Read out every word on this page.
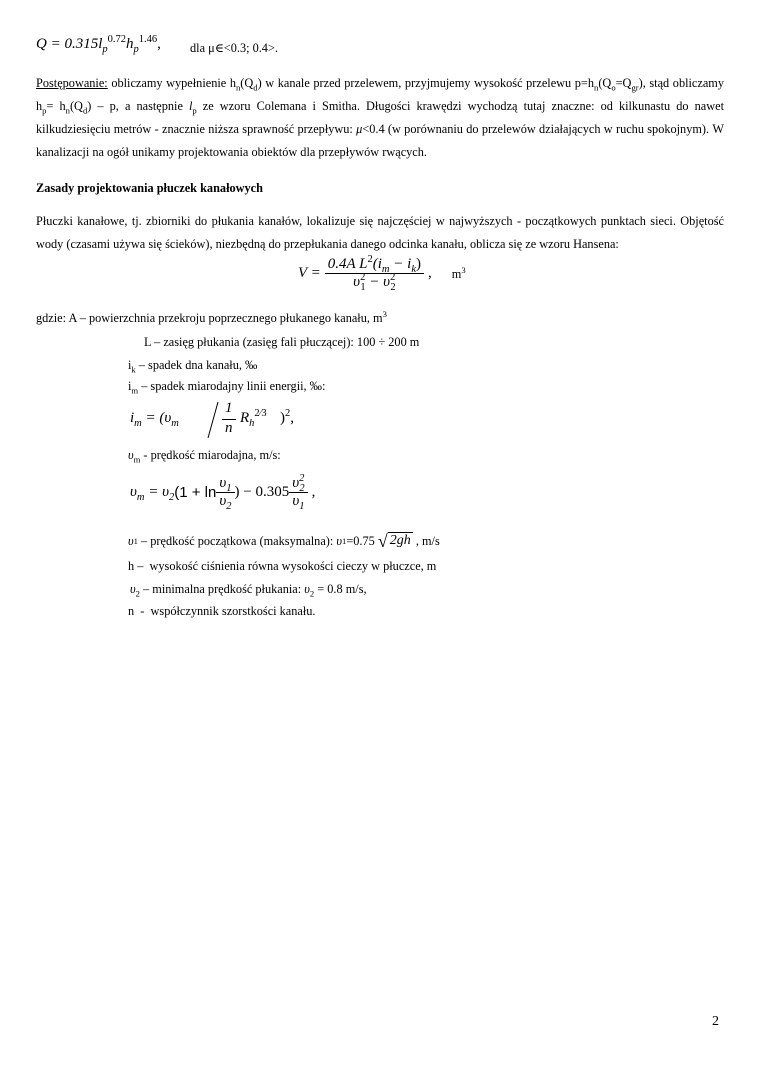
$Q = 0.315l_p^{0.72}h_p^{1.46}$, dla μ∈<0.3; 0.4>.
Postępowanie: obliczamy wypełnienie $h_n(Q_d)$ w kanale przed przelewem, przyjmujemy wysokość przelewu $p=h_n(Q_o=Q_{gr})$, stąd obliczamy $h_p= h_n(Q_d) - p$, a następnie $l_p$ ze wzoru Colemana i Smitha. Długości krawędzi wychodzą tutaj znaczne: od kilkunastu do nawet kilkudziesięciu metrów - znacznie niższa sprawność przepływu: μ<0.4 (w porównaniu do przelewów działających w ruchu spokojnym). W kanalizacji na ogół unikamy projektowania obiektów dla przepływów rwących.
Zasady projektowania płuczek kanałowych
Płuczki kanałowe, tj. zbiorniki do płukania kanałów, lokalizuje się najczęściej w najwyższych - początkowych punktach sieci. Objętość wody (czasami używa się ścieków), niezbędną do przepłukania danego odcinka kanału, oblicza się ze wzoru Hansena:
$V = \frac{0.4A L^2(i_m - i_k)}{\upsilon^2_1 - \upsilon^2_2}$ , $m^3$
gdzie: A – powierzchnia przekroju poprzecznego płukanego kanału, $m^3$
L – zasięg płukania (zasięg fali płuczącej): 100 ÷ 200 m
$i_k$ – spadek dna kanału, ‰
$i_m$ – spadek miarodajny linii energii, ‰:
$i_m = (\upsilon_m$
1
n
$R_h^{2⁄3}$ )$^2$,
$\upsilon_m$ - prędkość miarodajna, m/s:
$\upsilon_m = \upsilon_2$ ($1 + \ln \frac{\upsilon_1}{\upsilon_2}$ ) − $0.305 \frac{\upsilon^2_2}{\upsilon_1}$ ,
υ 1 – prędkość początkowa (maksymalna): υ 1 =0.75 √ 2gh , m/s
h –  wysokość ciśnienia równa wysokości cieczy w płuczce, m
$\upsilon_2$ – minimalna prędkość płukania: $\upsilon_2 = 0.8$ m/s,
n  -  współczynnik szorstkości kanału.
2
